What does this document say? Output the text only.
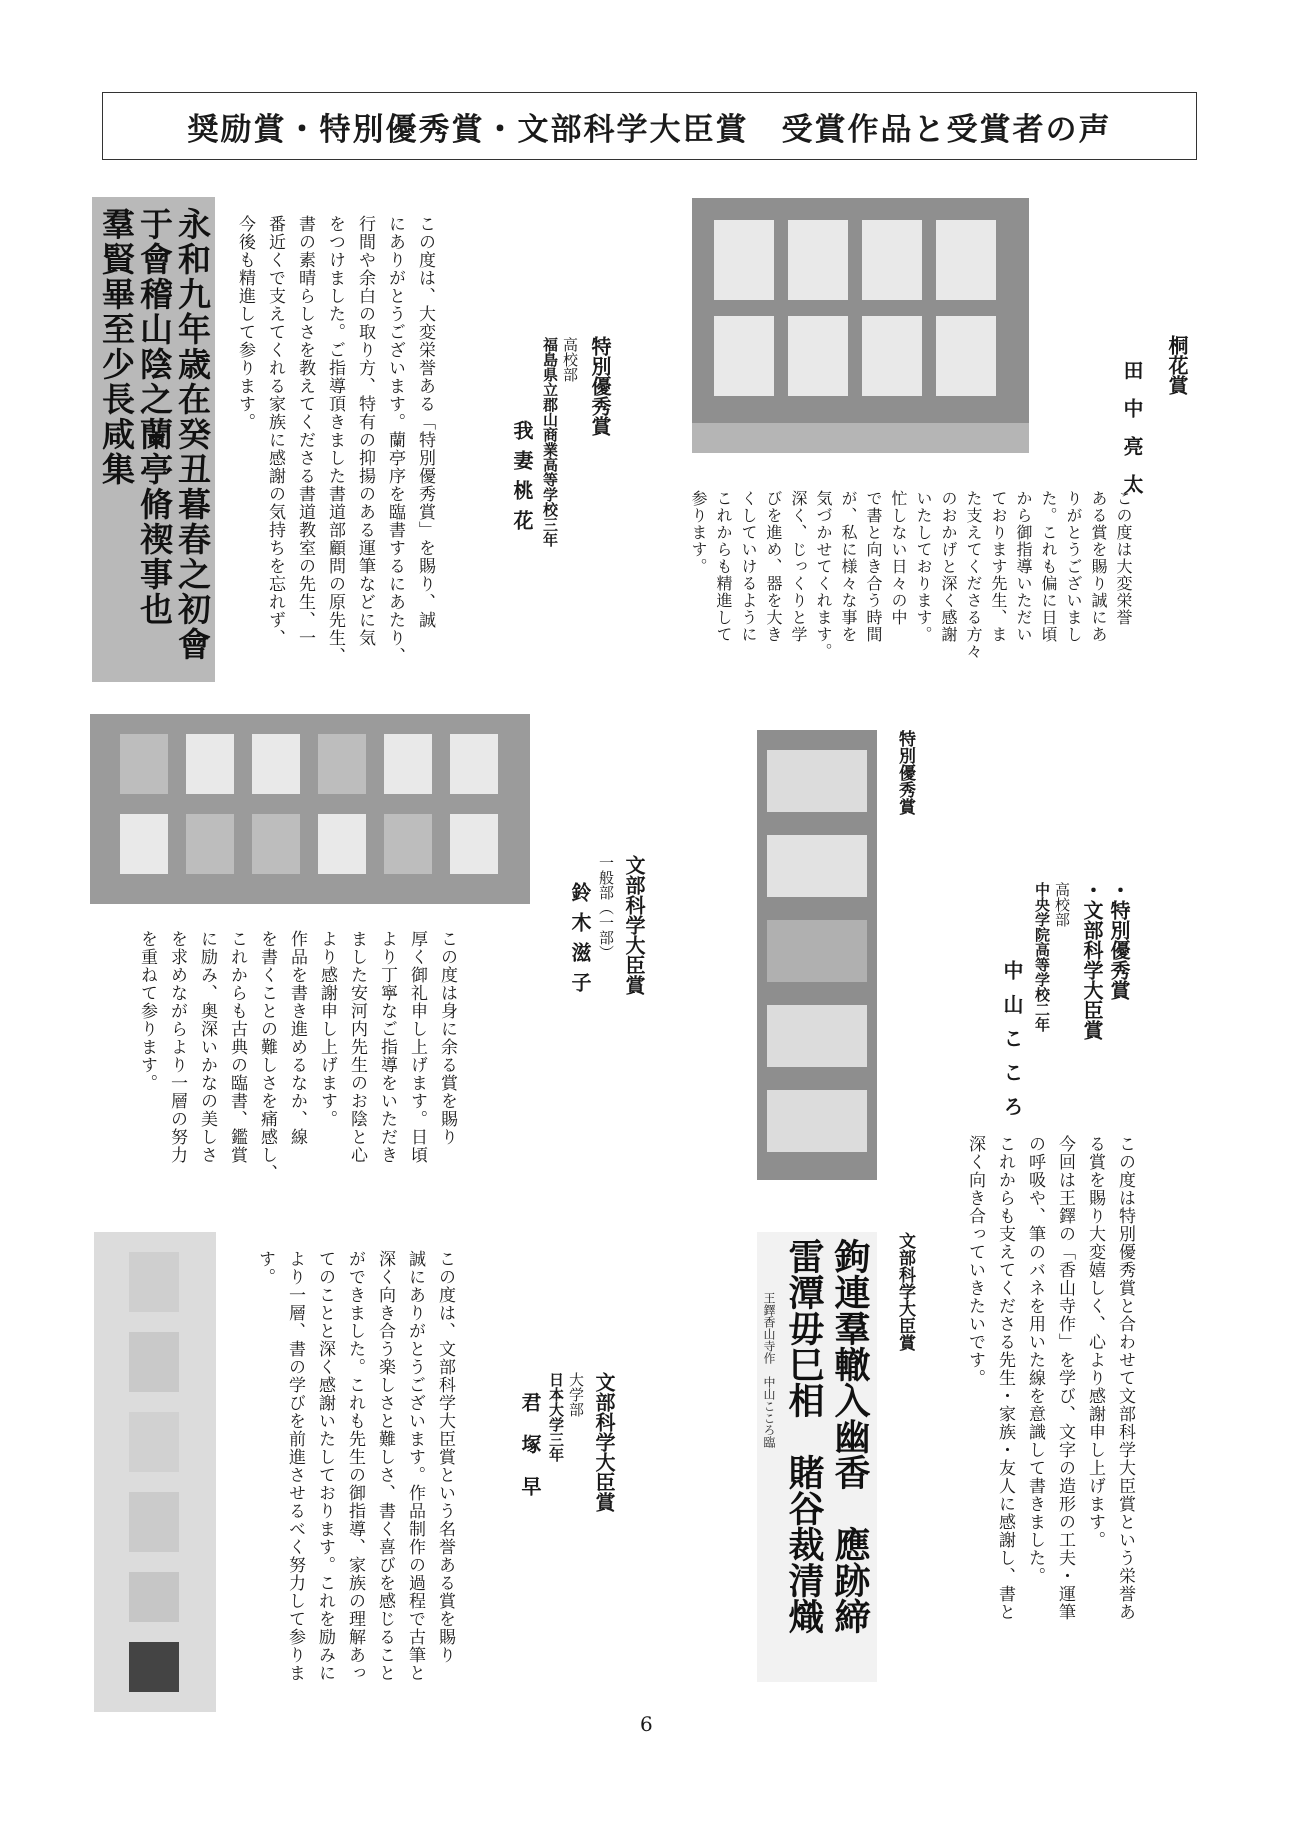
奨励賞・特別優秀賞・文部科学大臣賞　受賞作品と受賞者の声
永和九年歳在癸丑暮春之初會 于會稽山陰之蘭亭脩禊事也 羣賢畢至少長咸集	この度は、大変栄誉ある「特別優秀賞」を賜り、誠
にありがとうございます。蘭亭序を臨書するにあたり、
行間や余白の取り方、特有の抑揚のある運筆などに気
をつけました。ご指導頂きました書道部顧問の原先生、
書の素晴らしさを教えてくださる書道教室の先生、一
番近くで支えてくれる家族に感謝の気持ちを忘れず、
今後も精進して参ります。	特別優秀賞
高校部
福島県立郡山商業高等学校三年
我妻桃花
桐花賞
田中亮太
この度は大変栄誉
ある賞を賜り誠にあ
りがとうございまし
た。これも偏に日頃
から御指導いただい
ております先生、ま
た支えてくださる方々
のおかげと深く感謝
いたしております。
忙しない日々の中
で書と向き合う時間
が、私に様々な事を
気づかせてくれます。
深く、じっくりと学
びを進め、器を大き
くしていけるように
これからも精進して
参ります。
文部科学大臣賞
一般部（一部）
鈴木滋子
この度は身に余る賞を賜り
厚く御礼申し上げます。日頃
より丁寧なご指導をいただき
ました安河内先生のお陰と心
より感謝申し上げます。
作品を書き進めるなか、線
を書くことの難しさを痛感し、
これからも古典の臨書、鑑賞
に励み、奥深いかなの美しさ
を求めながらより一層の努力
を重ねて参ります。
特別優秀賞
・特別優秀賞
・文部科学大臣賞
高校部
中央学院高等学校二年
中山こころ
この度は特別優秀賞と合わせて文部科学大臣賞という栄誉あ
る賞を賜り大変嬉しく、心より感謝申し上げます。
今回は王鐸の「香山寺作」を学び、文字の造形の工夫・運筆
の呼吸や、筆のバネを用いた線を意識して書きました。
これからも支えてくださる先生・家族・友人に感謝し、書と
深く向き合っていきたいです。
文部科学大臣賞
鉤連羣轍入幽香　應跡締 雷潭毋巳相　賭谷裁清熾
王鐸香山寺作　中山こころ臨
文部科学大臣賞
大学部
日本大学三年
君塚早
この度は、文部科学大臣賞という名誉ある賞を賜り
誠にありがとうございます。作品制作の過程で古筆と
深く向き合う楽しさと難しさ、書く喜びを感じること
ができました。これも先生の御指導、家族の理解あっ
てのことと深く感謝いたしております。これを励みに
より一層、書の学びを前進させるべく努力して参りま
す。
6
